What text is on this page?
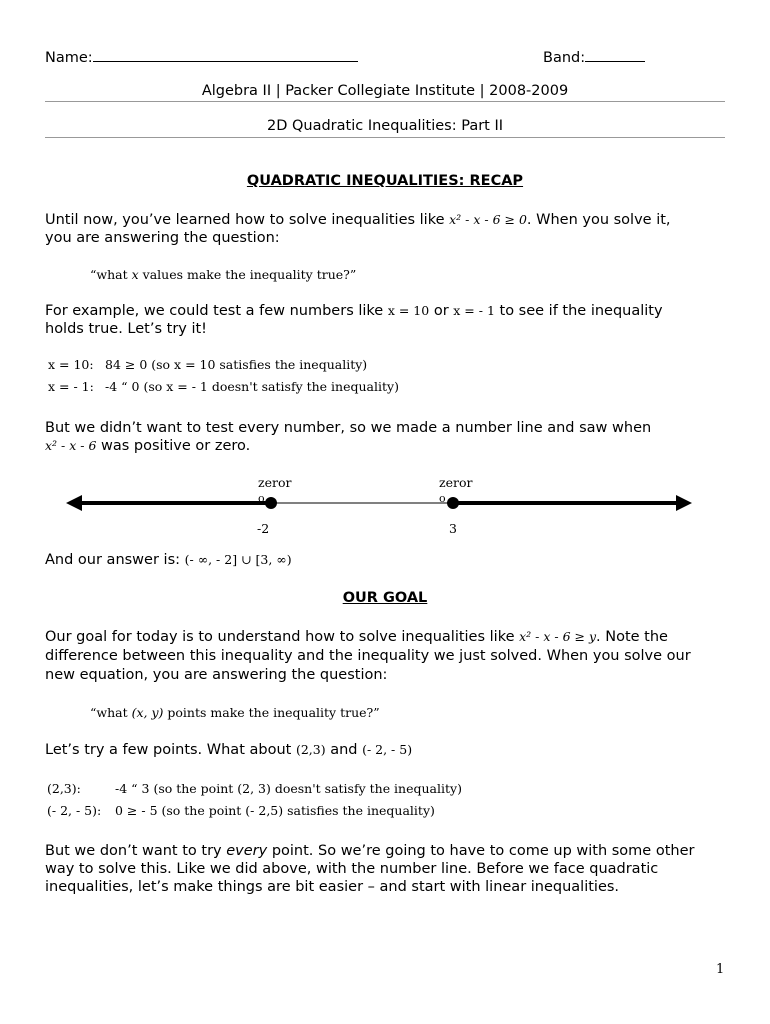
Name:	Band:
Algebra II | Packer Collegiate Institute | 2008-2009
2D Quadratic Inequalities: Part II
QUADRATIC INEQUALITIES: RECAP
Until now, you’ve learned how to solve inequalities like x² - x - 6 ≥ 0. When you solve it,
you are answering the question:
“what x values make the inequality true?”
For example, we could test a few numbers like x = 10 or x = - 1 to see if the inequality
holds true. Let’s try it!
x = 10: 84 ≥ 0 (so x = 10 satisfies the inequality)
x = - 1: -4 “ 0 (so x = - 1 doesn't satisfy the inequality)
But we didn’t want to test every number, so we made a number line and saw when
x² - x - 6 was positive or zero.
zeror
o
zeror
o
-2	3
And our answer is: (- ∞, - 2] ∪ [3, ∞)
OUR GOAL
Our goal for today is to understand how to solve inequalities like x² - x - 6 ≥ y. Note the
difference between this inequality and the inequality we just solved. When you solve our
new equation, you are answering the question:
“what (x, y) points make the inequality true?”
Let’s try a few points. What about (2,3) and (- 2, - 5)
(2,3):	-4 “ 3 (so the point (2, 3) doesn't satisfy the inequality)
(- 2, - 5): 0 ≥ - 5 (so the point (- 2,5) satisfies the inequality)
But we don’t want to try every point. So we’re going to have to come up with some other
way to solve this. Like we did above, with the number line. Before we face quadratic
inequalities, let’s make things are bit easier – and start with linear inequalities.
1
